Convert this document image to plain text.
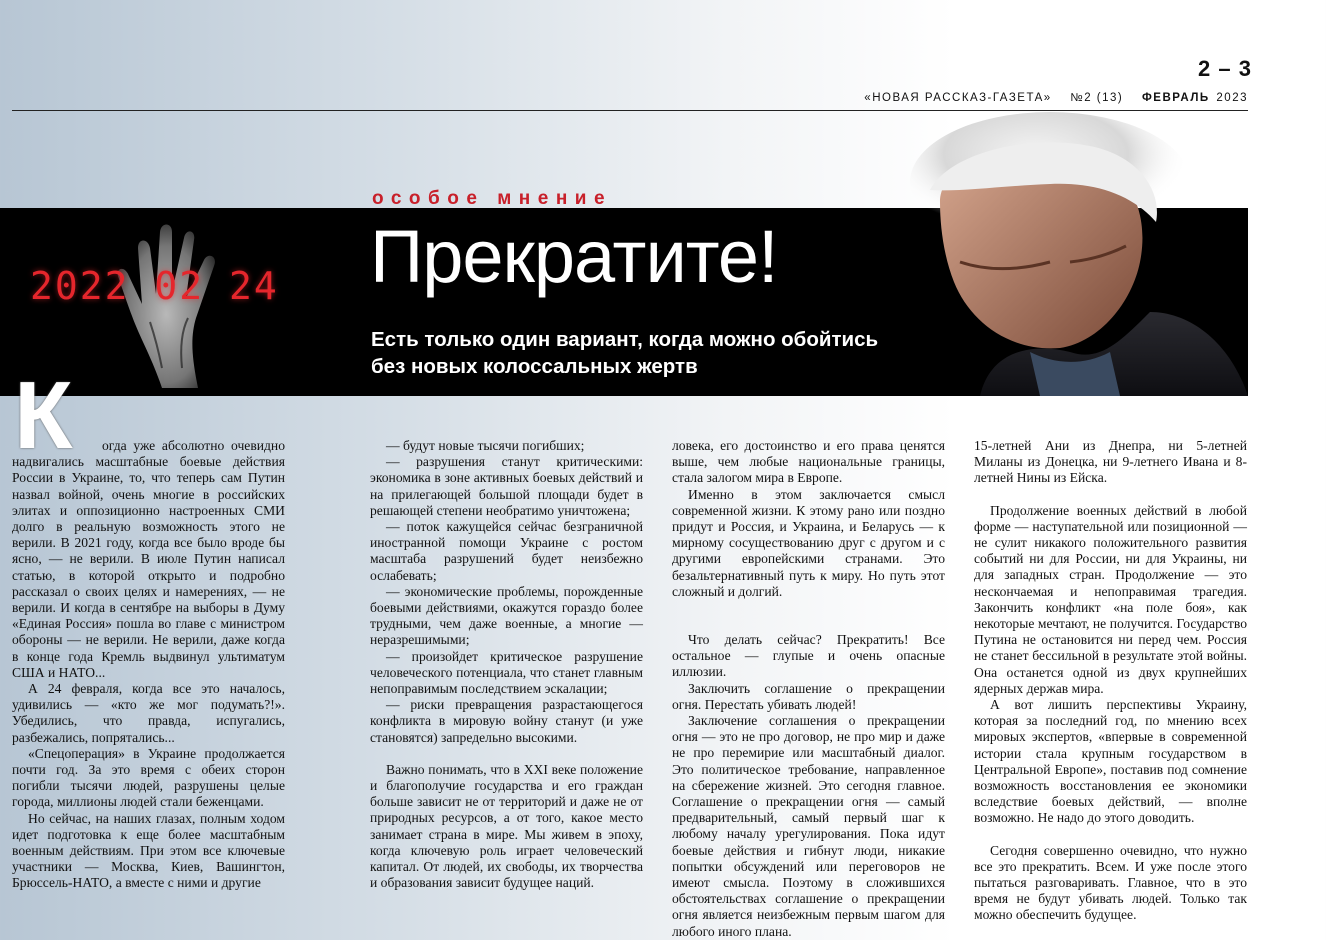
2 – 3
«НОВАЯ РАССКАЗ-ГАЗЕТА» №2 (13) ФЕВРАЛЬ 2023
2022 02 24
особое мнение
Прекратите!
Есть только один вариант, когда можно обойтись без новых колоссальных жертв
К	огда уже абсолютно очевидно надвигались масштабные боевые действия России в Украине, то, что теперь сам Путин назвал войной, очень многие в российских элитах и оппозиционно настроенных СМИ долго в реальную возможность этого не верили. В 2021 году, когда все было вроде бы ясно, — не верили. В июле Путин написал статью, в которой открыто и подробно рассказал о своих целях и намерениях, — не верили. И когда в сентябре на выборы в Думу «Единая Россия» пошла во главе с министром обороны — не верили. Не верили, даже когда в конце года Кремль выдвинул ультиматум США и НАТО...

А 24 февраля, когда все это началось, удивились — «кто же мог подумать?!». Убедились, что правда, испугались, разбежались, попрятались...

«Спецоперация» в Украине продолжается почти год. За это время с обеих сторон погибли тысячи людей, разрушены целые города, миллионы людей стали беженцами.

Но сейчас, на наших глазах, полным ходом идет подготовка к еще более масштабным военным действиям. При этом все ключевые участники — Москва, Киев, Вашингтон, Брюссель-НАТО, а вместе с ними и другие

— будут новые тысячи погибших;

— разрушения станут критическими: экономика в зоне активных боевых действий и на прилегающей большой площади будет в решающей степени необратимо уничтожена;

— поток кажущейся сейчас безграничной иностранной помощи Украине с ростом масштаба разрушений будет неизбежно ослабевать;

— экономические проблемы, порожденные боевыми действиями, окажутся гораздо более трудными, чем даже военные, а многие — неразрешимыми;

— произойдет критическое разрушение человеческого потенциала, что станет главным непоправимым последствием эскалации;

— риски превращения разрастающегося конфликта в мировую войну станут (и уже становятся) запредельно высокими.

Важно понимать, что в XXI веке положение и благополучие государства и его граждан больше зависит не от территорий и даже не от природных ресурсов, а от того, какое место занимает страна в мире. Мы живем в эпоху, когда ключевую роль играет человеческий капитал. От людей, их свободы, их творчества и образования зависит будущее наций.

ловека, его достоинство и его права ценятся выше, чем любые национальные границы, стала залогом мира в Европе.

Именно в этом заключается смысл современной жизни. К этому рано или поздно придут и Россия, и Украина, и Беларусь — к мирному сосуществованию друг с другом и с другими европейскими странами. Это безальтернативный путь к миру. Но путь этот сложный и долгий.

Что делать сейчас? Прекратить! Все остальное — глупые и очень опасные иллюзии.

Заключить соглашение о прекращении огня. Перестать убивать людей!

Заключение соглашения о прекращении огня — это не про договор, не про мир и даже не про перемирие или масштабный диалог. Это политическое требование, направленное на сбережение жизней. Это сегодня главное. Соглашение о прекращении огня — самый предварительный, самый первый шаг к любому началу урегулирования. Пока идут боевые действия и гибнут люди, никакие попытки обсуждений или переговоров не имеют смысла. Поэтому в сложившихся обстоятельствах соглашение о прекращении огня является неизбежным первым шагом для любого иного плана.

15-летней Ани из Днепра, ни 5-летней Миланы из Донецка, ни 9-летнего Ивана и 8-летней Нины из Ейска.

Продолжение военных действий в любой форме — наступательной или позиционной — не сулит никакого положительного развития событий ни для России, ни для Украины, ни для западных стран. Продолжение — это нескончаемая и непоправимая трагедия. Закончить конфликт «на поле боя», как некоторые мечтают, не получится. Государство Путина не остановится ни перед чем. Россия не станет бессильной в результате этой войны. Она останется одной из двух крупнейших ядерных держав мира.

А вот лишить перспективы Украину, которая за последний год, по мнению всех мировых экспертов, «впервые в современной истории стала крупным государством в Центральной Европе», поставив под сомнение возможность восстановления ее экономики вследствие боевых действий, — вполне возможно. Не надо до этого доводить.

Сегодня совершенно очевидно, что нужно все это прекратить. Всем. И уже после этого пытаться разговаривать. Главное, что в это время не будут убивать людей. Только так можно обеспечить будущее.
